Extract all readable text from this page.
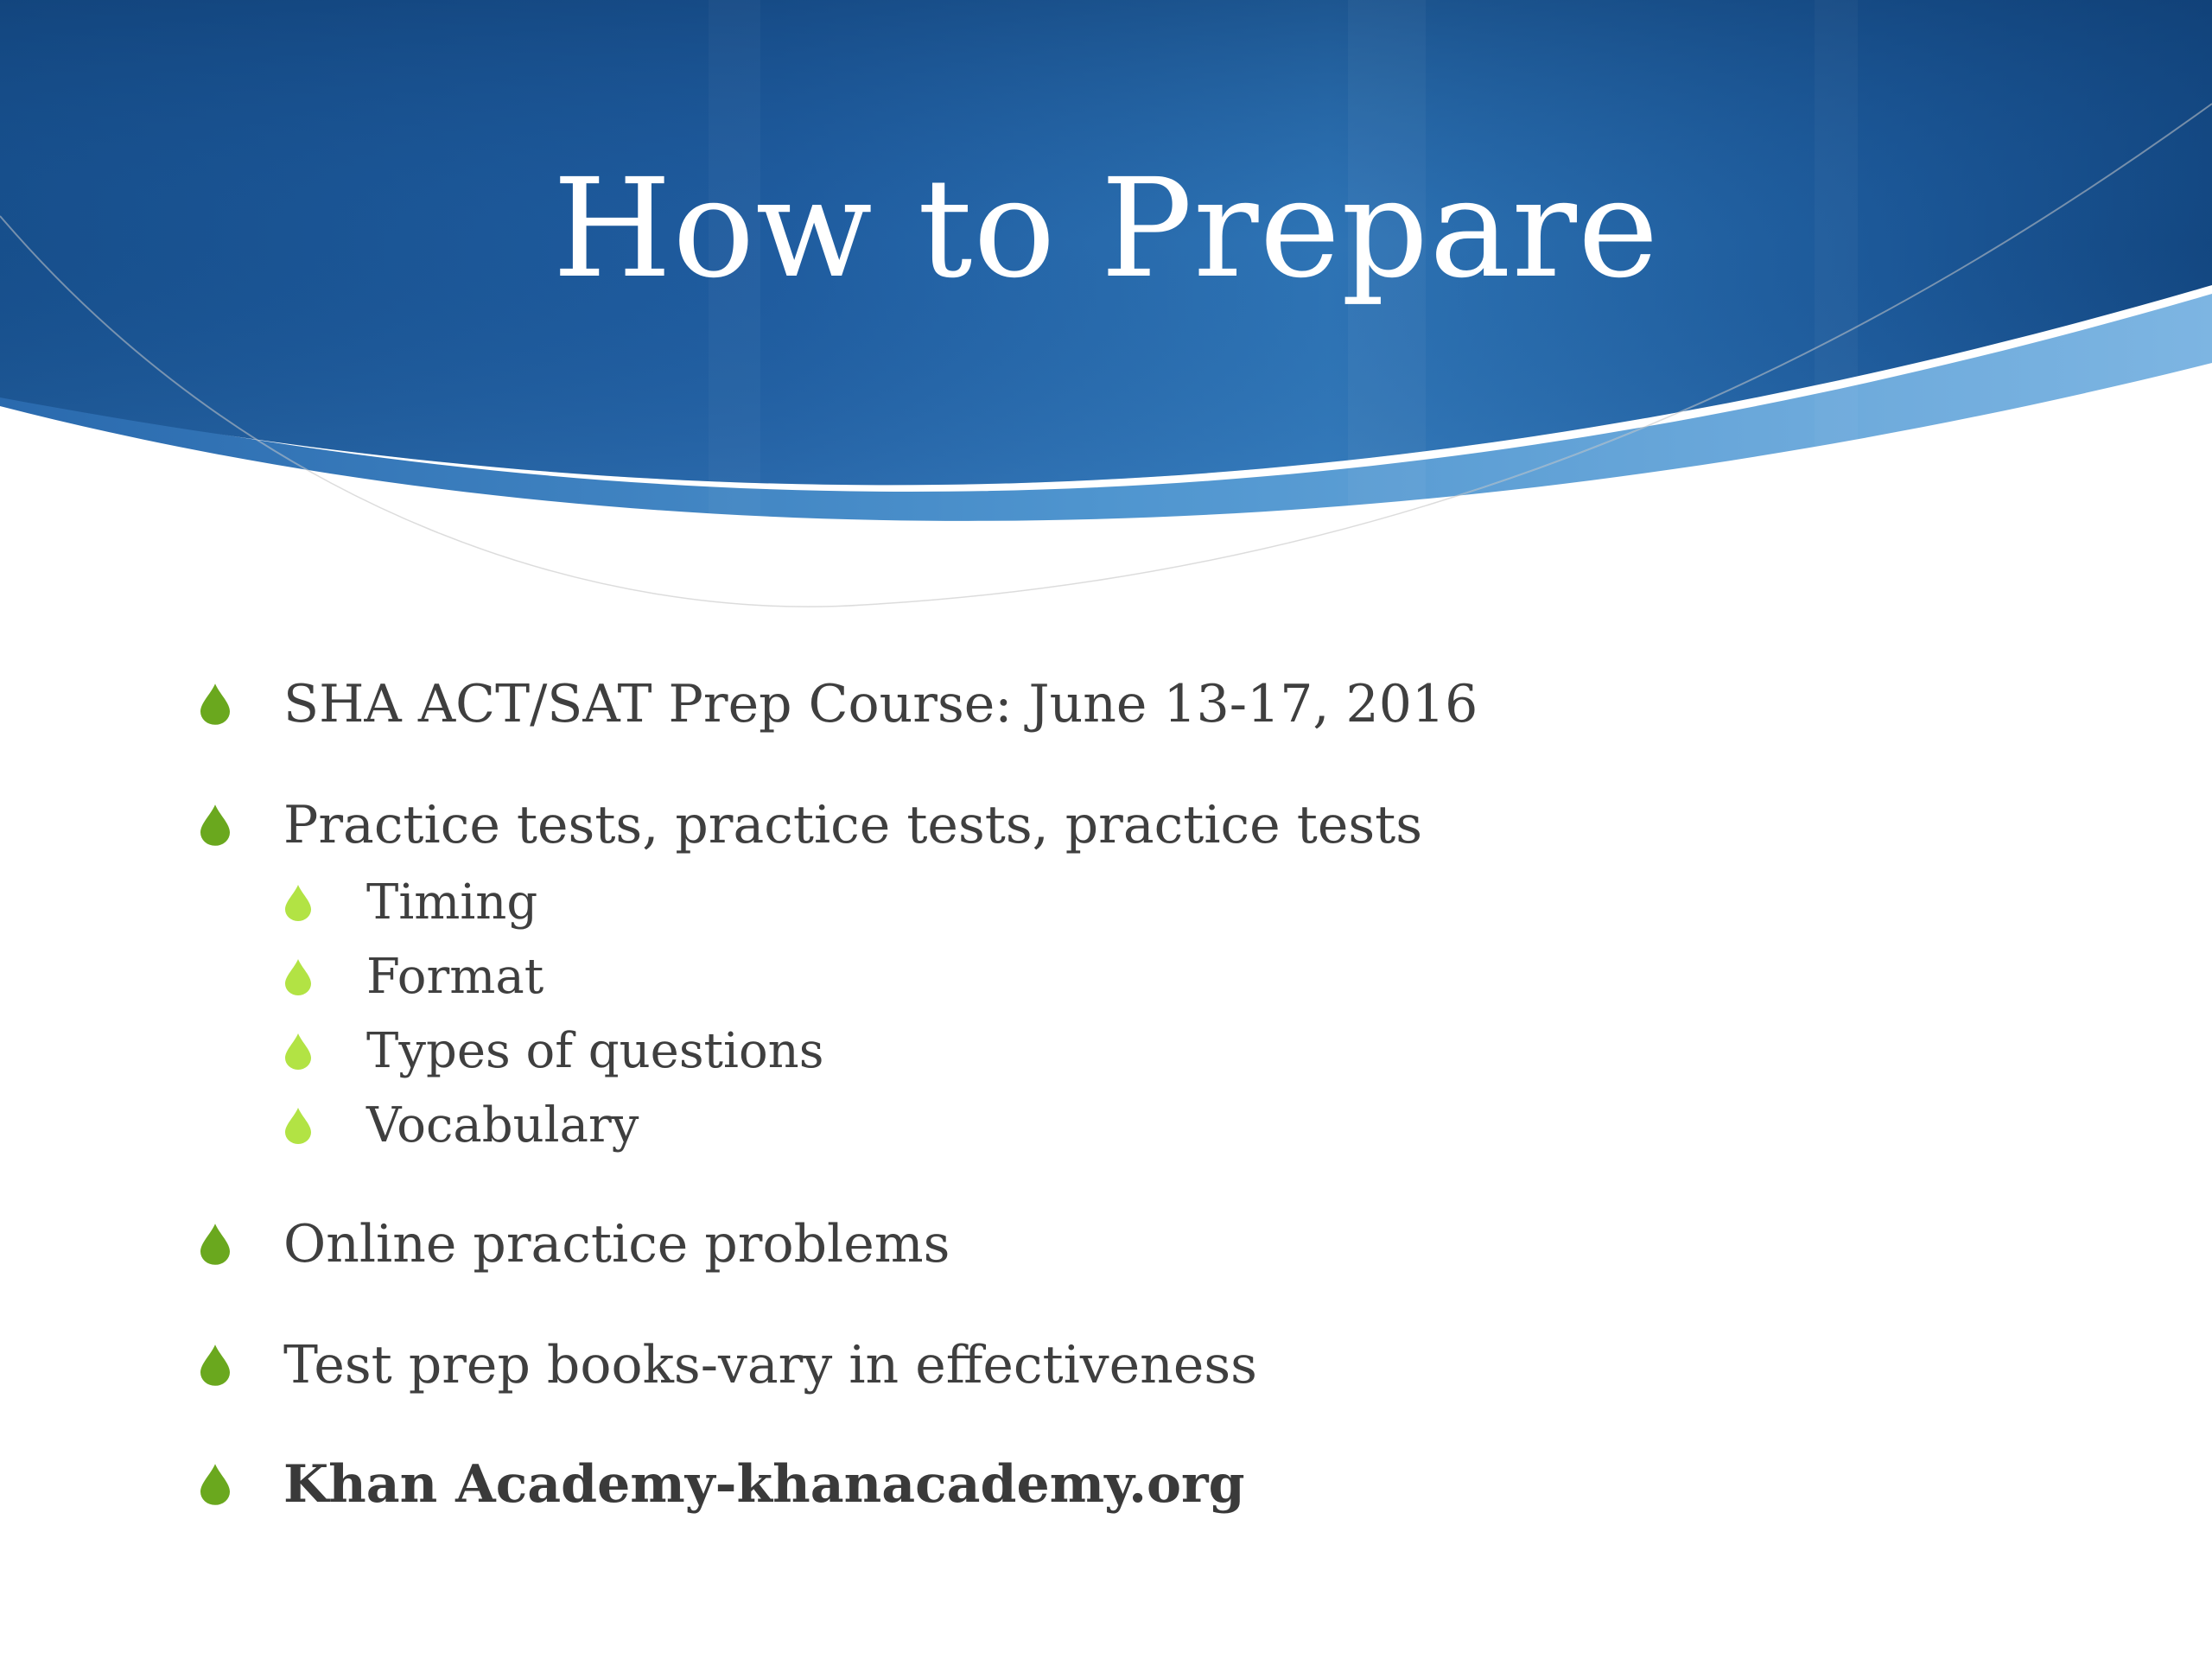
How to Prepare
SHA ACT/SAT Prep Course: June 13-17, 2016
Practice tests, practice tests, practice tests
Timing
Format
Types of questions
Vocabulary
Online practice problems
Test prep books-vary in effectiveness
Khan Academy-khanacademy.org
